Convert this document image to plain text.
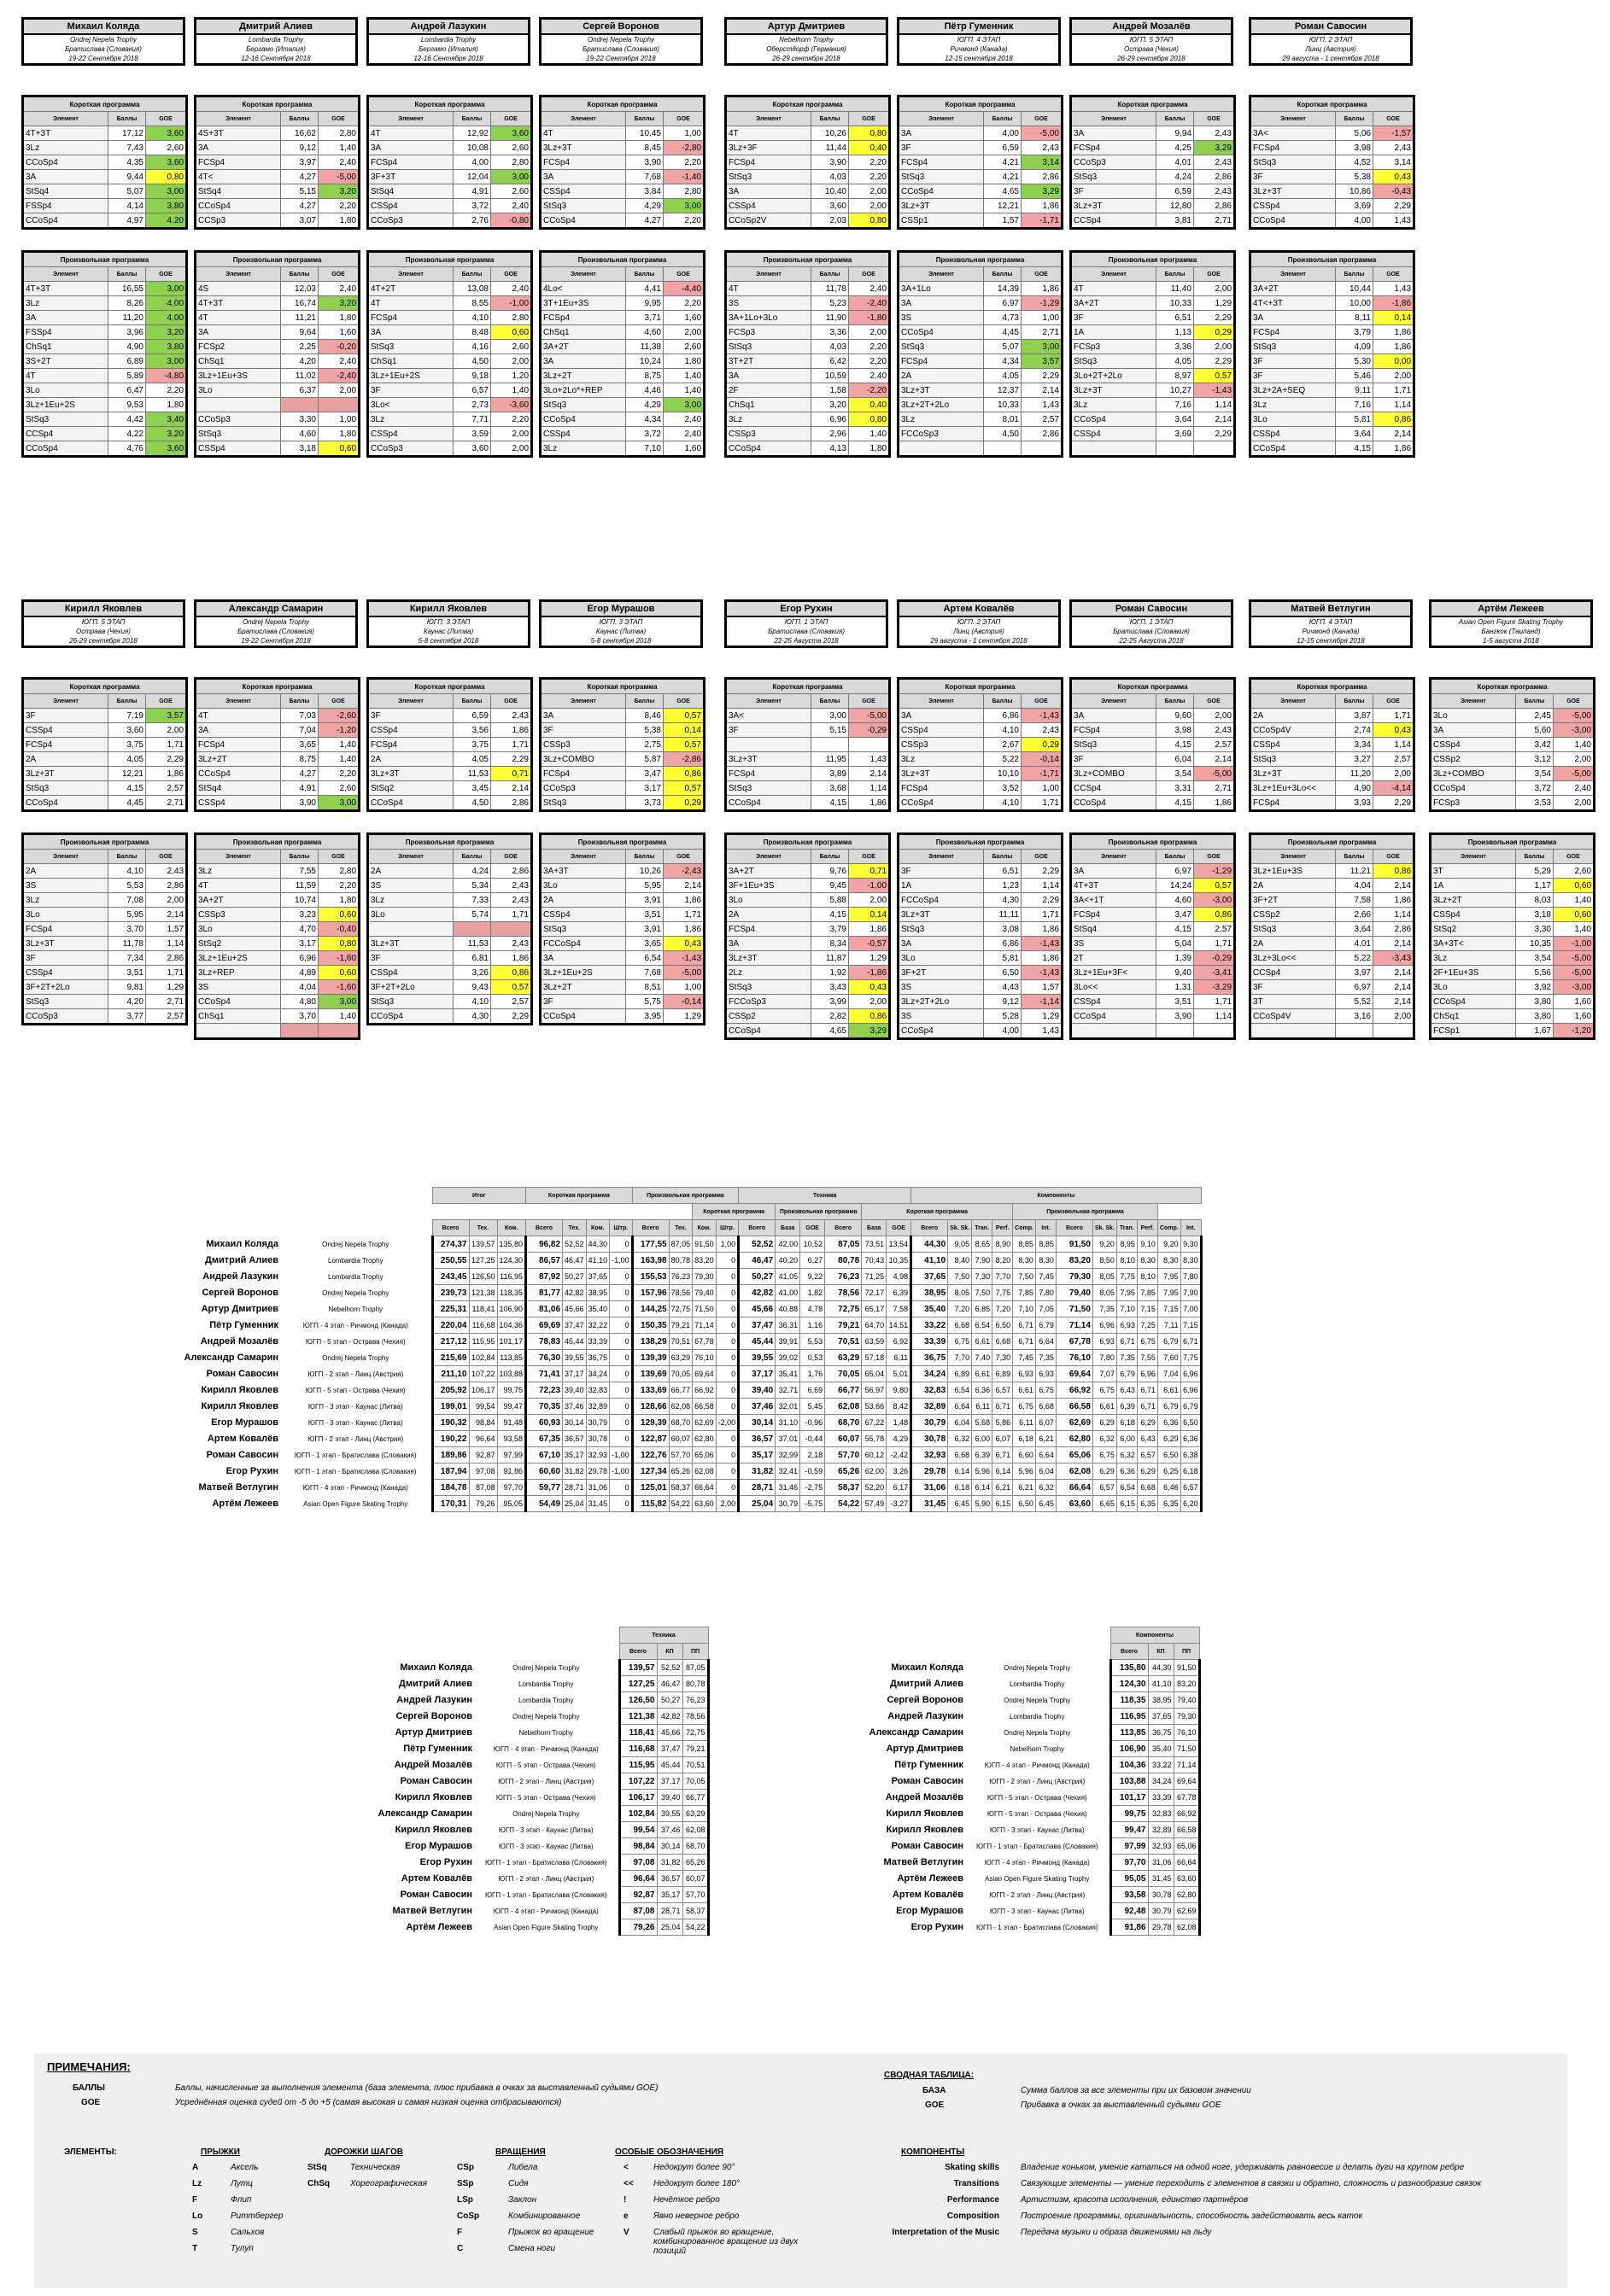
Михаил Коляда
Ondrej Nepela Trophy
Братислава (Словакия)
19-22 Сентября 2018
Короткая программа		
Элемент	Баллы	GOE
4T+3T	17,12	3,60
3Lz	7,43	2,60
CCoSp4	4,35	3,60
3A	9,44	0,80
StSq4	5,07	3,00
FSSp4	4,14	3,80
CCoSp4	4,97	4,20
Произвольная программа		
Элемент	Баллы	GOE
4T+3T	16,55	3,00
3Lz	8,26	4,00
3A	11,20	4,00
FSSp4	3,96	3,20
ChSq1	4,90	3,80
3S+2T	6,89	3,00
4T	5,89	-4,80
3Lo	6,47	2,20
3Lz+1Eu+2S	9,53	1,80
StSq3	4,42	3,40
CCSp4	4,22	3,20
CCoSp4	4,76	3,60
Дмитрий Алиев
Lombardia Trophy
Бергамо (Италия)
12-16 Сентября 2018
Короткая программа		
Элемент	Баллы	GOE
4S+3T	16,62	2,80
3A	9,12	1,40
FCSp4	3,97	2,40
4T<	4,27	-5,00
StSq4	5,15	3,20
CCoSp4	4,27	2,20
CCSp3	3,07	1,80
Произвольная программа		
Элемент	Баллы	GOE
4S	12,03	2,40
4T+3T	16,74	3,20
4T	11,21	1,80
3A	9,64	1,60
FCSp2	2,25	-0,20
ChSq1	4,20	2,40
3Lz+1Eu+3S	11,02	-2,40
3Lo	6,37	2,00

CCoSp3	3,30	1,00
StSq3	4,60	1,80
CSSp4	3,18	0,60
Андрей Лазукин
Lombardia Trophy
Бергамо (Италия)
12-16 Сентября 2018
Короткая программа		
Элемент	Баллы	GOE
4T	12,92	3,60
3A	10,08	2,60
FCSp4	4,00	2,80
3F+3T	12,04	3,00
StSq4	4,91	2,60
CSSp4	3,72	2,40
CCoSp3	2,76	-0,80
Произвольная программа		
Элемент	Баллы	GOE
4T+2T	13,08	2,40
4T	8,55	-1,00
FCSp4	4,10	2,80
3A	8,48	0,60
StSq3	4,16	2,60
ChSq1	4,50	2,00
3Lz+1Eu+2S	9,18	1,20
3F	6,57	1,40
3Lo<	2,73	-3,60
3Lz	7,71	2,20
CSSp4	3,59	2,00
CCoSp3	3,60	2,00
Сергей Воронов
Ondrej Nepela Trophy
Братислава (Словакия)
19-22 Сентября 2018
Короткая программа		
Элемент	Баллы	GOE
4T	10,45	1,00
3Lz+3T	8,45	-2,80
FCSp4	3,90	2,20
3A	7,68	-1,40
CSSp4	3,84	2,80
StSq3	4,29	3,00
CCoSp4	4,27	2,20
Произвольная программа		
Элемент	Баллы	GOE
4Lo<	4,41	-4,40
3T+1Eu+3S	9,95	2,20
FCSp4	3,71	1,60
ChSq1	4,60	2,00
3A+2T	11,38	2,60
3A	10,24	1,80
3Lz+2T	8,75	1,40
3Lo+2Lo*+REP	4,46	1,40
StSq3	4,29	3,00
CCoSp4	4,34	2,40
CSSp4	3,72	2,40
3Lz	7,10	1,60
Артур Дмитриев
Nebelhorn Trophy
Оберстдорф (Германия)
26-29 сентября 2018
Короткая программа		
Элемент	Баллы	GOE
4T	10,26	0,80
3Lz+3F	11,44	0,40
FCSp4	3,90	2,20
StSq3	4,03	2,20
3A	10,40	2,00
CSSp4	3,60	2,00
CCoSp2V	2,03	0,80
Произвольная программа		
Элемент	Баллы	GOE
4T	11,78	2,40
3S	5,23	-2,40
3A+1Lo+3Lo	11,90	-1,80
FCSp3	3,36	2,00
StSq3	4,03	2,20
3T+2T	6,42	2,20
3A	10,59	2,40
2F	1,58	-2,20
ChSq1	3,20	0,40
3Lz	6,96	0,80
CSSp3	2,96	1,40
CCoSp4	4,13	1,80
Пётр Гуменник
ЮГП. 4 ЭТАП
Ричмонд (Канада)
12-15 сентября 2018
Короткая программа		
Элемент	Баллы	GOE
3A	4,00	-5,00
3F	6,59	2,43
FCSp4	4,21	3,14
StSq3	4,21	2,86
CCoSp4	4,65	3,29
3Lz+3T	12,21	1,86
CSSp1	1,57	-1,71
Произвольная программа		
Элемент	Баллы	GOE
3A+1Lo	14,39	1,86
3A	6,97	-1,29
3S	4,73	1,00
CCoSp4	4,45	2,71
StSq3	5,07	3,00
FCSp4	4,34	3,57
2A	4,05	2,29
3Lz+3T	12,37	2,14
3Lz+2T+2Lo	10,33	1,43
3Lz	8,01	2,57
FCCoSp3	4,50	2,86

Андрей Мозалёв
ЮГП. 5 ЭТАП
Острава (Чехия)
26-29 сентября 2018
Короткая программа		
Элемент	Баллы	GOE
3A	9,94	2,43
FCSp4	4,25	3,29
CCoSp3	4,01	2,43
StSq3	4,24	2,86
3F	6,59	2,43
3Lz+3T	12,80	2,86
CCSp4	3,81	2,71
Произвольная программа		
Элемент	Баллы	GOE
4T	11,40	2,00
3A+2T	10,33	1,29
3F	6,51	2,29
1A	1,13	0,29
FCSp3	3,36	2,00
StSq3	4,05	2,29
3Lo+2T+2Lo	8,97	0,57
3Lz+3T	10,27	-1,43
3Lz	7,16	1,14
CCoSp4	3,64	2,14
CSSp4	3,69	2,29

Роман Савосин
ЮГП. 2 ЭТАП
Линц (Австрия)
29 августа - 1 сентября 2018
Короткая программа		
Элемент	Баллы	GOE
3A<	5,06	-1,57
FCSp4	3,98	2,43
StSq3	4,52	3,14
3F	5,38	0,43
3Lz+3T	10,86	-0,43
CSSp4	3,69	2,29
CCoSp4	4,00	1,43
Произвольная программа		
Элемент	Баллы	GOE
3A+2T	10,44	1,43
4T<+3T	10,00	-1,86
3A	8,11	0,14
FCSp4	3,79	1,86
StSq3	4,09	1,86
3F	5,30	0,00
3F	5,46	2,00
3Lz+2A+SEQ	9,11	1,71
3Lz	7,16	1,14
3Lo	5,81	0,86
CSSp4	3,64	2,14
CCoSp4	4,15	1,86
Кирилл Яковлев
ЮГП. 5 ЭТАП
Острава (Чехия)
26-29 сентября 2018
Короткая программа		
Элемент	Баллы	GOE
3F	7,19	3,57
CSSp4	3,60	2,00
FCSp4	3,75	1,71
2A	4,05	2,29
3Lz+3T	12,21	1,86
StSq3	4,15	2,57
CCoSp4	4,45	2,71
Произвольная программа		
Элемент	Баллы	GOE
2A	4,10	2,43
3S	5,53	2,86
3Lz	7,08	2,00
3Lo	5,95	2,14
FCSp4	3,70	1,57
3Lz+3T	11,78	1,14
3F	7,34	2,86
CSSp4	3,51	1,71
3F+2T+2Lo	9,81	1,29
StSq3	4,20	2,71
CCoSp3	3,77	2,57
Александр Самарин
Ondrej Nepela Trophy
Братислава (Словакия)
19-22 Сентября 2018
Короткая программа		
Элемент	Баллы	GOE
4T	7,03	-2,60
3A	7,04	-1,20
FCSp4	3,65	1,40
3Lz+2T	8,75	1,40
CCoSp4	4,27	2,20
StSq4	4,91	2,60
CSSp4	3,90	3,00
Произвольная программа		
Элемент	Баллы	GOE
3Lz	7,55	2,80
4T	11,59	2,20
3A+2T	10,74	1,80
CSSp3	3,23	0,60
3Lo	4,70	-0,40
StSq2	3,17	0,80
3Lz+1Eu+2S	6,96	-1,60
3Lz+REP	4,89	0,60
3S	4,04	-1,60
CCoSp4	4,80	3,00
ChSq1	3,70	1,40

Кирилл Яковлев
ЮГП. 3 ЭТАП
Каунас (Литва)
5-8 сентября 2018
Короткая программа		
Элемент	Баллы	GOE
3F	6,59	2,43
CSSp4	3,56	1,86
FCSp4	3,75	1,71
2A	4,05	2,29
3Lz+3T	11,53	0,71
StSq2	3,45	2,14
CCoSp4	4,50	2,86
Произвольная программа		
Элемент	Баллы	GOE
2A	4,24	2,86
3S	5,34	2,43
3Lz	7,33	2,43
3Lo	5,74	1,71

3Lz+3T	11,53	2,43
3F	6,81	1,86
CSSp4	3,26	0,86
3F+2T+2Lo	9,43	0,57
StSq3	4,10	2,57
CCoSp4	4,30	2,29
Егор Мурашов
ЮГП. 3 ЭТАП
Каунас (Литва)
5-8 сентября 2018
Короткая программа		
Элемент	Баллы	GOE
3A	8,46	0,57
3F	5,38	0,14
CSSp3	2,75	0,57
3Lz+COMBO	5,87	-2,86
FCSp4	3,47	0,86
CCoSp3	3,17	0,57
StSq3	3,73	0,29
Произвольная программа		
Элемент	Баллы	GOE
3A+3T	10,26	-2,43
3Lo	5,95	2,14
2A	3,91	1,86
CSSp4	3,51	1,71
StSq3	3,91	1,86
FCCoSp4	3,65	0,43
3A	6,54	-1,43
3Lz+1Eu+2S	7,68	-5,00
3Lz+2T	8,51	1,00
3F	5,75	-0,14
CCoSp4	3,95	1,29
Егор Рухин
ЮГП. 1 ЭТАП
Братислава (Словакия)
22-25 Августа 2018
Короткая программа		
Элемент	Баллы	GOE
3A<	3,00	-5,00
3F	5,15	-0,29

3Lz+3T	11,95	1,43
FCSp4	3,89	2,14
StSq3	3,68	1,14
CCoSp4	4,15	1,86
Произвольная программа		
Элемент	Баллы	GOE
3A+2T	9,76	0,71
3F+1Eu+3S	9,45	-1,00
3Lo	5,88	2,00
2A	4,15	0,14
FCSp4	3,79	1,86
3A	8,34	-0,57
3Lz+3T	11,87	1,29
2Lz	1,92	-1,86
StSq3	3,43	0,43
FCCoSp3	3,99	2,00
CSSp2	2,82	0,86
CCoSp4	4,65	3,29
Артем Ковалёв
ЮГП. 2 ЭТАП
Линц (Австрия)
29 августа - 1 сентября 2018
Короткая программа		
Элемент	Баллы	GOE
3A	6,86	-1,43
CSSp4	4,10	2,43
CSSp3	2,67	0,29
3Lz	5,22	-0,14
3Lz+3T	10,10	-1,71
FCSp4	3,52	1,00
CCoSp4	4,10	1,71
Произвольная программа		
Элемент	Баллы	GOE
3F	6,51	2,29
1A	1,23	1,14
FCCoSp4	4,30	2,29
3Lz+3T	11,11	1,71
StSq3	3,08	1,86
3A	6,86	-1,43
3Lo	5,81	1,86
3F+2T	6,50	-1,43
3S	4,43	1,57
3Lz+2T+2Lo	9,12	-1,14
3S	5,28	1,29
CCoSp4	4,00	1,43
Роман Савосин
ЮГП. 1 ЭТАП
Братислава (Словакия)
22-25 Августа 2018
Короткая программа		
Элемент	Баллы	GOE
3A	9,60	2,00
FCSp4	3,98	2,43
StSq3	4,15	2,57
3F	6,04	2,14
3Lz+COMBO	3,54	-5,00
CCSp4	3,31	2,71
CCoSp4	4,15	1,86
Произвольная программа		
Элемент	Баллы	GOE
3A	6,97	-1,29
4T+3T	14,24	0,57
3A<+1T	4,60	-3,00
FCSp4	3,47	0,86
StSq4	4,15	2,57
3S	5,04	1,71
2T	1,39	-0,29
3Lz+1Eu+3F<	9,40	-3,41
3Lo<<	1,31	-3,29
CSSp4	3,51	1,71
CCoSp4	3,90	1,14

Матвей Ветлугин
ЮГП. 4 ЭТАП
Ричмонд (Канада)
12-15 сентября 2018
Короткая программа		
Элемент	Баллы	GOE
2A	3,87	1,71
CCoSp4V	2,74	0,43
CSSp4	3,34	1,14
StSq3	3,27	2,57
3Lz+3T	11,20	2,00
3Lz+1Eu+3Lo<<	4,90	-4,14
FCSp4	3,93	2,29
Произвольная программа		
Элемент	Баллы	GOE
3Lz+1Eu+3S	11,21	0,86
2A	4,04	2,14
3F+2T	7,58	1,86
CSSp2	2,66	1,14
StSq3	3,64	2,86
2A	4,01	2,14
3Lz+3Lo<<	5,22	-3,43
CCSp4	3,97	2,14
3F	6,97	2,14
3T	5,52	2,14
CCoSp4V	3,16	2,00

Артём Лежеев
Asian Open Figure Skating Trophy
Бангкок (Таиланд)
1-5 августа 2018
Короткая программа		
Элемент	Баллы	GOE
3Lo	2,45	-5,00
3A	5,60	-3,00
CSSp4	3,42	1,40
CSSp2	3,12	2,00
3Lz+COMBO	3,54	-5,00
CCoSp4	3,72	2,40
FCSp3	3,53	2,00
Произвольная программа		
Элемент	Баллы	GOE
3T	5,29	2,60
1A	1,17	0,60
3Lz+2T	8,03	1,40
CSSp4	3,18	0,60
StSq2	3,30	1,40
3A+3T<	10,35	-1,00
3Lz	3,54	-5,00
2F+1Eu+3S	5,56	-5,00
3Lo	3,92	-3,00
CCoSp4	3,80	1,60
ChSq1	3,80	1,60
FCSp1	1,67	-1,20
		Итог			Короткая программа				Произвольная программа				Техника						Компоненты											
											Короткая программа			Произвольная программа			Короткая программа						Произвольная программа							
		Всего	Тех.	Ком.	Всего	Тех.	Ком.	Штр.	Всего	Тех.	Ком.	Штр.	Всего	База	GOE	Всего	База	GOE	Всего	Sk. Sk.	Tran.	Perf.	Comp.	Int.	Всего	Sk. Sk.	Tran.	Perf.	Comp.	Int.
Михаил Коляда	Ondrej Nepela Trophy	274,37	139,57	135,80	96,82	52,52	44,30	0	177,55	87,05	91,50	1,00	52,52	42,00	10,52	87,05	73,51	13,54	44,30	9,05	8,65	8,90	8,85	8,85	91,50	9,20	8,95	9,10	9,20	9,30
Дмитрий Алиев	Lombardia Trophy	250,55	127,25	124,30	86,57	46,47	41,10	-1,00	163,98	80,78	83,20	0	46,47	40,20	6,27	80,78	70,43	10,35	41,10	8,40	7,90	8,20	8,30	8,30	83,20	8,50	8,10	8,30	8,30	8,30
Андрей Лазукин	Lombardia Trophy	243,45	126,50	116,95	87,92	50,27	37,65	0	155,53	76,23	79,30	0	50,27	41,05	9,22	76,23	71,25	4,98	37,65	7,50	7,30	7,70	7,50	7,45	79,30	8,05	7,75	8,10	7,95	7,80
Сергей Воронов	Ondrej Nepela Trophy	239,73	121,38	118,35	81,77	42,82	38,95	0	157,96	78,56	79,40	0	42,82	41,00	1,82	78,56	72,17	6,39	38,95	8,05	7,50	7,75	7,85	7,80	79,40	8,05	7,95	7,85	7,95	7,90
Артур Дмитриев	Nebelhorn Trophy	225,31	118,41	106,90	81,06	45,66	35,40	0	144,25	72,75	71,50	0	45,66	40,88	4,78	72,75	65,17	7,58	35,40	7,20	6,85	7,20	7,10	7,05	71,50	7,35	7,10	7,15	7,15	7,00
Пётр Гуменник	ЮГП - 4 этап - Ричмонд (Канада)	220,04	116,68	104,36	69,69	37,47	32,22	0	150,35	79,21	71,14	0	37,47	36,31	1,16	79,21	64,70	14,51	33,22	6,68	6,54	6,50	6,71	6,79	71,14	6,96	6,93	7,25	7,11	7,15
Андрей Мозалёв	ЮГП - 5 этап - Острава (Чехия)	217,12	115,95	101,17	78,83	45,44	33,39	0	138,29	70,51	67,78	0	45,44	39,91	5,53	70,51	63,59	6,92	33,39	6,75	6,61	6,68	6,71	6,64	67,78	6,93	6,71	6,75	6,79	6,71
Александр Самарин	Ondrej Nepela Trophy	215,69	102,84	113,85	76,30	39,55	36,75	0	139,39	63,29	76,10	0	39,55	39,02	0,53	63,29	57,18	6,11	36,75	7,70	7,40	7,30	7,45	7,35	76,10	7,80	7,35	7,55	7,60	7,75
Роман Савосин	ЮГП - 2 этап - Линц (Австрия)	211,10	107,22	103,88	71,41	37,17	34,24	0	139,69	70,05	69,64	0	37,17	35,41	1,76	70,05	65,04	5,01	34,24	6,89	6,61	6,89	6,93	6,93	69,64	7,07	6,79	6,96	7,04	6,96
Кирилл Яковлев	ЮГП - 5 этап - Острава (Чехия)	205,92	106,17	99,75	72,23	39,40	32,83	0	133,69	66,77	66,92	0	39,40	32,71	6,69	66,77	56,97	9,80	32,83	6,54	6,36	6,57	6,61	6,75	66,92	6,75	6,43	6,71	6,61	6,96
Кирилл Яковлев	ЮГП - 3 этап - Каунас (Литва)	199,01	99,54	99,47	70,35	37,46	32,89	0	128,66	62,08	66,58	0	37,46	32,01	5,45	62,08	53,66	8,42	32,89	6,64	6,11	6,71	6,75	6,68	66,58	6,61	6,39	6,71	6,79	6,79
Егор Мурашов	ЮГП - 3 этап - Каунас (Литва)	190,32	98,84	91,48	60,93	30,14	30,79	0	129,39	68,70	62,69	-2,00	30,14	31,10	-0,96	68,70	67,22	1,48	30,79	6,04	5,68	5,86	6,11	6,07	62,69	6,29	6,18	6,29	6,36	6,50
Артем Ковалёв	ЮГП - 2 этап - Линц (Австрия)	190,22	96,64	93,58	67,35	36,57	30,78	0	122,87	60,07	62,80	0	36,57	37,01	-0,44	60,07	55,78	4,29	30,78	6,32	6,00	6,07	6,18	6,21	62,80	6,32	6,00	6,43	6,29	6,36
Роман Савосин	ЮГП - 1 этап - Братислава (Словакия)	189,86	92,87	97,99	67,10	35,17	32,93	-1,00	122,76	57,70	65,06	0	35,17	32,99	2,18	57,70	60,12	-2,42	32,93	6,68	6,39	6,71	6,60	6,64	65,06	6,75	6,32	6,57	6,50	6,38
Егор Рухин	ЮГП - 1 этап - Братислава (Словакия)	187,94	97,08	91,86	60,60	31,82	29,78	-1,00	127,34	65,26	62,08	0	31,82	32,41	-0,59	65,26	62,00	3,26	29,78	6,14	5,96	6,14	5,96	6,04	62,08	6,29	6,36	6,29	6,25	6,18
Матвей Ветлугин	ЮГП - 4 этап - Ричмонд (Канада)	184,78	87,08	97,70	59,77	28,71	31,06	0	125,01	58,37	66,64	0	28,71	31,46	-2,75	58,37	52,20	6,17	31,06	6,18	6,14	6,21	6,21	6,32	66,64	6,57	6,54	6,68	6,46	6,57
Артём Лежеев	Asian Open Figure Skating Trophy	170,31	79,26	95,05	54,49	25,04	31,45	0	115,82	54,22	63,60	2,00	25,04	30,79	-5,75	54,22	57,49	-3,27	31,45	6,45	5,90	6,15	6,50	6,45	63,60	6,65	6,15	6,35	6,35	6,20
		Техника		
		Всего	КП	ПП
Михаил Коляда	Ondrej Nepela Trophy	139,57	52,52	87,05
Дмитрий Алиев	Lombardia Trophy	127,25	46,47	80,78
Андрей Лазукин	Lombardia Trophy	126,50	50,27	76,23
Сергей Воронов	Ondrej Nepela Trophy	121,38	42,82	78,56
Артур Дмитриев	Nebelhorn Trophy	118,41	45,66	72,75
Пётр Гуменник	ЮГП - 4 этап - Ричмонд (Канада)	116,68	37,47	79,21
Андрей Мозалёв	ЮГП - 5 этап - Острава (Чехия)	115,95	45,44	70,51
Роман Савосин	ЮГП - 2 этап - Линц (Австрия)	107,22	37,17	70,05
Кирилл Яковлев	ЮГП - 5 этап - Острава (Чехия)	106,17	39,40	66,77
Александр Самарин	Ondrej Nepela Trophy	102,84	39,55	63,29
Кирилл Яковлев	ЮГП - 3 этап - Каунас (Литва)	99,54	37,46	62,08
Егор Мурашов	ЮГП - 3 этап - Каунас (Литва)	98,84	30,14	68,70
Егор Рухин	ЮГП - 1 этап - Братислава (Словакия)	97,08	31,82	65,26
Артем Ковалёв	ЮГП - 2 этап - Линц (Австрия)	96,64	36,57	60,07
Роман Савосин	ЮГП - 1 этап - Братислава (Словакия)	92,87	35,17	57,70
Матвей Ветлугин	ЮГП - 4 этап - Ричмонд (Канада)	87,08	28,71	58,37
Артём Лежеев	Asian Open Figure Skating Trophy	79,26	25,04	54,22
		Компоненты		
		Всего	КП	ПП
Михаил Коляда	Ondrej Nepela Trophy	135,80	44,30	91,50
Дмитрий Алиев	Lombardia Trophy	124,30	41,10	83,20
Сергей Воронов	Ondrej Nepela Trophy	118,35	38,95	79,40
Андрей Лазукин	Lombardia Trophy	116,95	37,65	79,30
Александр Самарин	Ondrej Nepela Trophy	113,85	36,75	76,10
Артур Дмитриев	Nebelhorn Trophy	106,90	35,40	71,50
Пётр Гуменник	ЮГП - 4 этап - Ричмонд (Канада)	104,36	33,22	71,14
Роман Савосин	ЮГП - 2 этап - Линц (Австрия)	103,88	34,24	69,64
Андрей Мозалёв	ЮГП - 5 этап - Острава (Чехия)	101,17	33,39	67,78
Кирилл Яковлев	ЮГП - 5 этап - Острава (Чехия)	99,75	32,83	66,92
Кирилл Яковлев	ЮГП - 3 этап - Каунас (Литва)	99,47	32,89	66,58
Роман Савосин	ЮГП - 1 этап - Братислава (Словакия)	97,99	32,93	65,06
Матвей Ветлугин	ЮГП - 4 этап - Ричмонд (Канада)	97,70	31,06	66,64
Артём Лежеев	Asian Open Figure Skating Trophy	95,05	31,45	63,60
Артем Ковалёв	ЮГП - 2 этап - Линц (Австрия)	93,58	30,78	62,80
Егор Мурашов	ЮГП - 3 этап - Каунас (Литва)	92,48	30,79	62,69
Егор Рухин	ЮГП - 1 этап - Братислава (Словакия)	91,86	29,78	62,08
ПРИМЕЧАНИЯ:
БАЛЛЫ	Баллы, начисленные за выполнения элемента (база элемента, плюс прибавка в очках за выставленный судьями GOE)
GOE	Усреднённая оценка судей от -5 до +5 (самая высокая и самая низкая оценка отбрасываются)
СВОДНАЯ ТАБЛИЦА:
БАЗА	Сумма баллов за все элементы при их базовом значении
GOE	Прибавка в очках за выставленный судьями GOE
ЭЛЕМЕНТЫ:	ПРЫЖКИ	ДОРОЖКИ ШАГОВ	ВРАЩЕНИЯ	ОСОБЫЕ ОБОЗНАЧЕНИЯ	КОМПОНЕНТЫ
A	Аксель
Lz	Лутц
F	Флип
Lo	Риттбергер
S	Сальхов
T	Тулуп
StSq	Техническая
ChSq Хореографическая
CSp	Либела
SSp	Сидя
LSp	Заклон
CoSp	Комбинированное
F	Прыжок во вращение
C	Смена ноги
<	Недокрут более 90°
<< Недокрут более 180°
!	Нечёткое ребро
e	Явно неверное ребро
V	Слабый прыжок во вращение, комбинированное вращение из двух позиций
Skating skills	Владение коньком, умение кататься на одной ноге, удерживать равновесие и делать дуги на крутом ребре
Transitions	Связующие элементы — умение переходить с элементов в связки и обратно, сложность и разнообразие связок
Performance	Артистизм, красота исполнения, единство партнёров
Composition	Построение программы, оригинальность, способность задействовать весь каток
Interpretation of the Music	Передача музыки и образа движениями на льду
